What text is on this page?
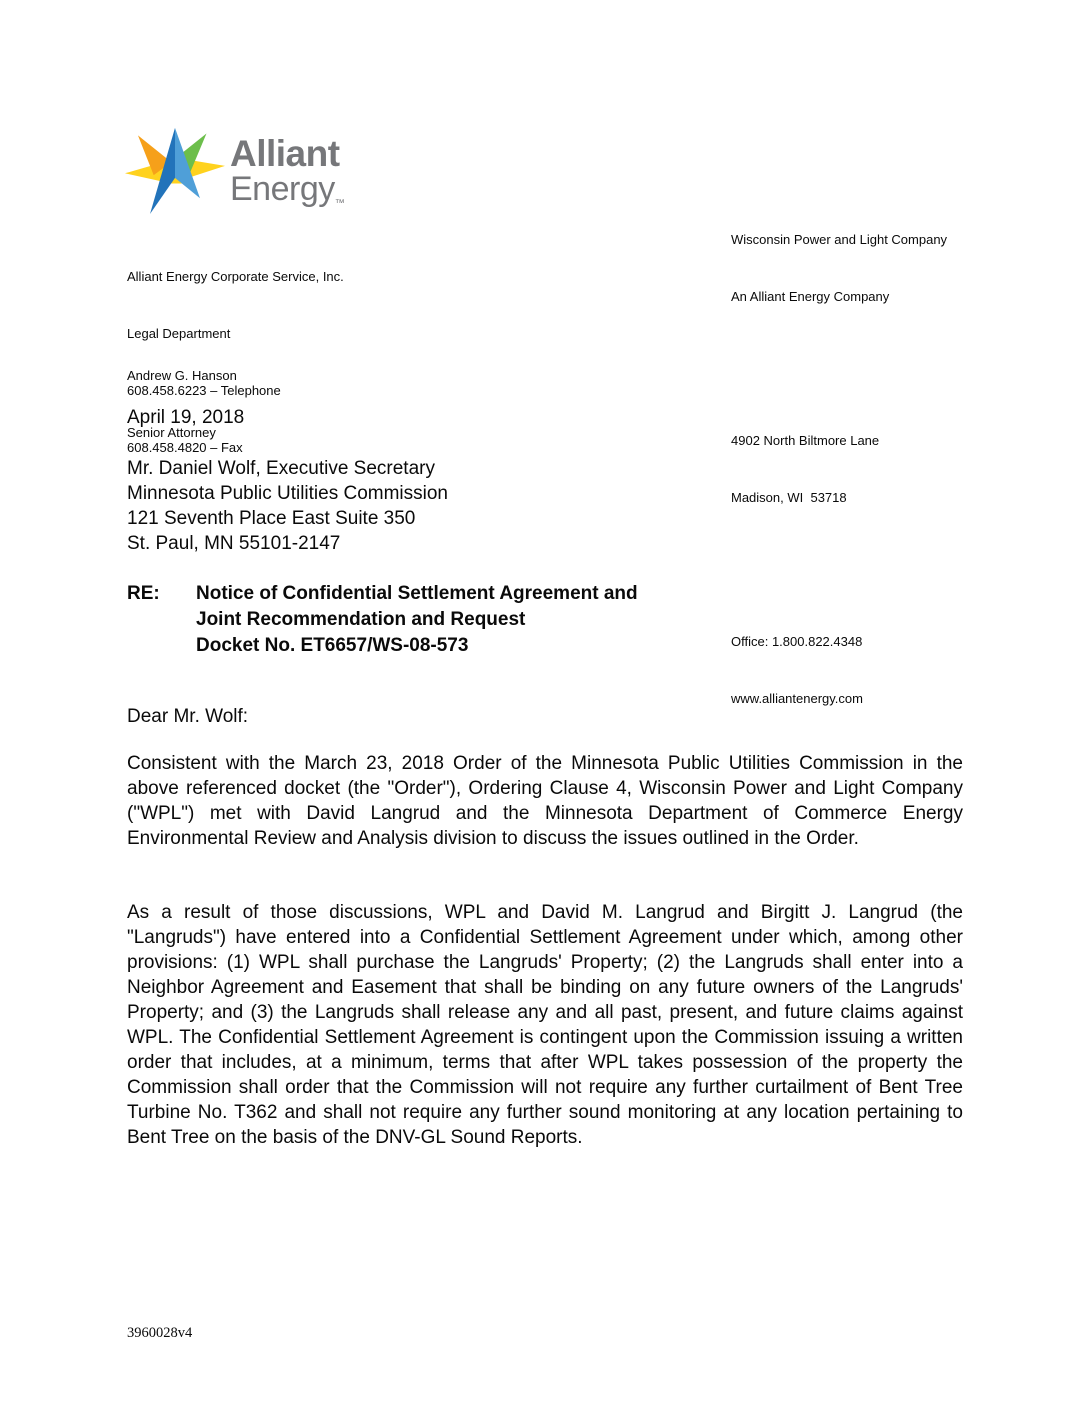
Alliant
Energy™

Alliant Energy Corporate Service, Inc.

Legal Department

608.458.6223 – Telephone

608.458.4820 – Fax

Andrew G. Hanson

Senior Attorney

Wisconsin Power and Light Company

An Alliant Energy Company

4902 North Biltmore Lane

Madison, WI  53718

Office: 1.800.822.4348

www.alliantenergy.com

April 19, 2018
Mr. Daniel Wolf, Executive Secretary
Minnesota Public Utilities Commission
121 Seventh Place East Suite 350
St. Paul, MN 55101-2147
RE:	Notice of Confidential Settlement Agreement and
Joint Recommendation and Request
Docket No. ET6657/WS-08-573
Dear Mr. Wolf:
Consistent with the March 23, 2018 Order of the Minnesota Public Utilities Commission in the above referenced docket (the "Order"), Ordering Clause 4, Wisconsin Power and Light Company ("WPL") met with David Langrud and the Minnesota Department of Commerce Energy Environmental Review and Analysis division to discuss the issues outlined in the Order.
As a result of those discussions, WPL and David M. Langrud and Birgitt J. Langrud (the "Langruds") have entered into a Confidential Settlement Agreement under which, among other provisions: (1) WPL shall purchase the Langruds' Property; (2) the Langruds shall enter into a Neighbor Agreement and Easement that shall be binding on any future owners of the Langruds' Property; and (3) the Langruds shall release any and all past, present, and future claims against WPL. The Confidential Settlement Agreement is contingent upon the Commission issuing a written order that includes, at a minimum, terms that after WPL takes possession of the property the Commission shall order that the Commission will not require any further curtailment of Bent Tree Turbine No. T362 and shall not require any further sound monitoring at any location pertaining to Bent Tree on the basis of the DNV-GL Sound Reports.
3960028v4
